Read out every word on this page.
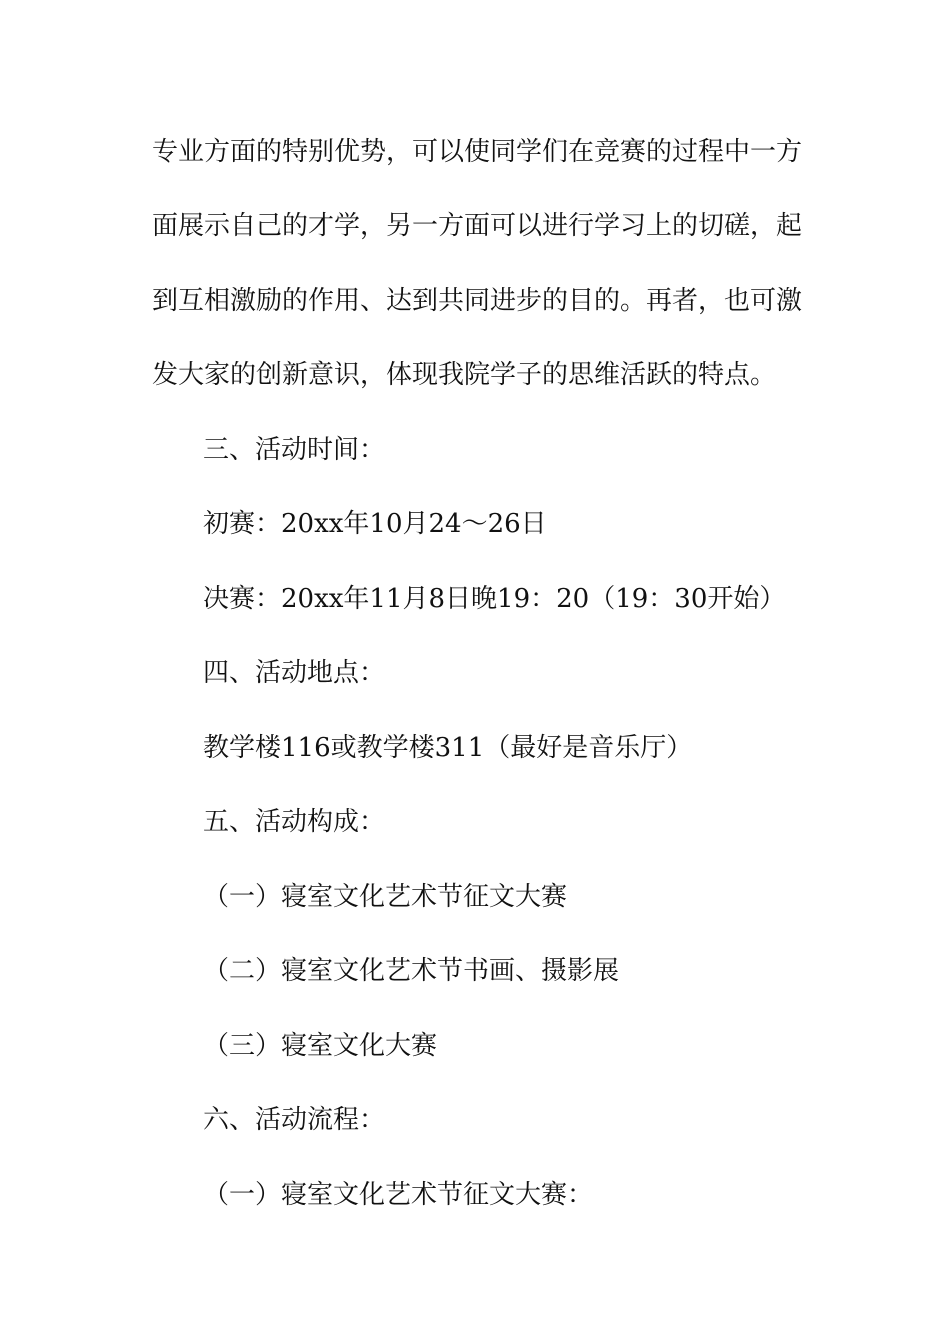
专业方面的特别优势，可以使同学们在竞赛的过程中一方
面展示自己的才学，另一方面可以进行学习上的切磋，起
到互相激励的作用、达到共同进步的目的。再者，也可激
发大家的创新意识，体现我院学子的思维活跃的特点。
三、活动时间：
初赛：20xx年10月24～26日
决赛：20xx年11月8日晚19：20（19：30开始）
四、活动地点：
教学楼116或教学楼311（最好是音乐厅）
五、活动构成：
（一）寝室文化艺术节征文大赛
（二）寝室文化艺术节书画、摄影展
（三）寝室文化大赛
六、活动流程：
（一）寝室文化艺术节征文大赛：
